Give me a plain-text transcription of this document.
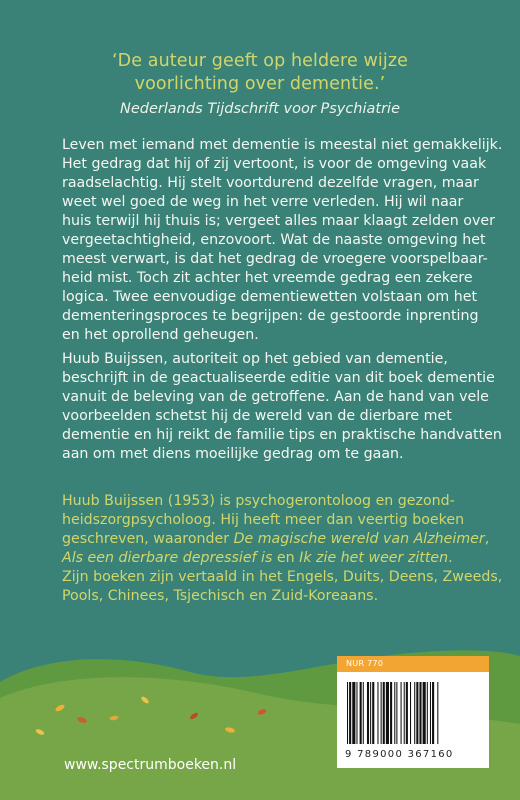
‘De auteur geeft op heldere wijze
voorlichting over dementie.’
Nederlands Tijdschrift voor Psychiatrie
Leven met iemand met dementie is meestal niet gemakkelijk.
Het gedrag dat hij of zij vertoont, is voor de omgeving vaak
raadselachtig. Hij stelt voortdurend dezelfde vragen, maar
weet wel goed de weg in het verre verleden. Hij wil naar
huis terwijl hij thuis is; vergeet alles maar klaagt zelden over
vergeetachtigheid, enzovoort. Wat de naaste omgeving het
meest verwart, is dat het gedrag de vroegere voorspelbaar-
heid mist. Toch zit achter het vreemde gedrag een zekere
logica. Twee eenvoudige dementiewetten volstaan om het
dementeringsproces te begrijpen: de gestoorde inprenting
en het oprollend geheugen.
Huub Buijssen, autoriteit op het gebied van dementie,
beschrijft in de geactualiseerde editie van dit boek dementie
vanuit de beleving van de getroffene. Aan de hand van vele
voorbeelden schetst hij de wereld van de dierbare met
dementie en hij reikt de familie tips en praktische handvatten
aan om met diens moeilijke gedrag om te gaan.
Huub Buijssen (1953) is psychogerontoloog en gezond-
heidszorgpsycholoog. Hij heeft meer dan veertig boeken
geschreven, waaronder De magische wereld van Alzheimer,
Als een dierbare depressief is en Ik zie het weer zitten.
Zijn boeken zijn vertaald in het Engels, Duits, Deens, Zweeds,
Pools, Chinees, Tsjechisch en Zuid-Koreaans.
NUR 770
9 789000 367160
www.spectrumboeken.nl
